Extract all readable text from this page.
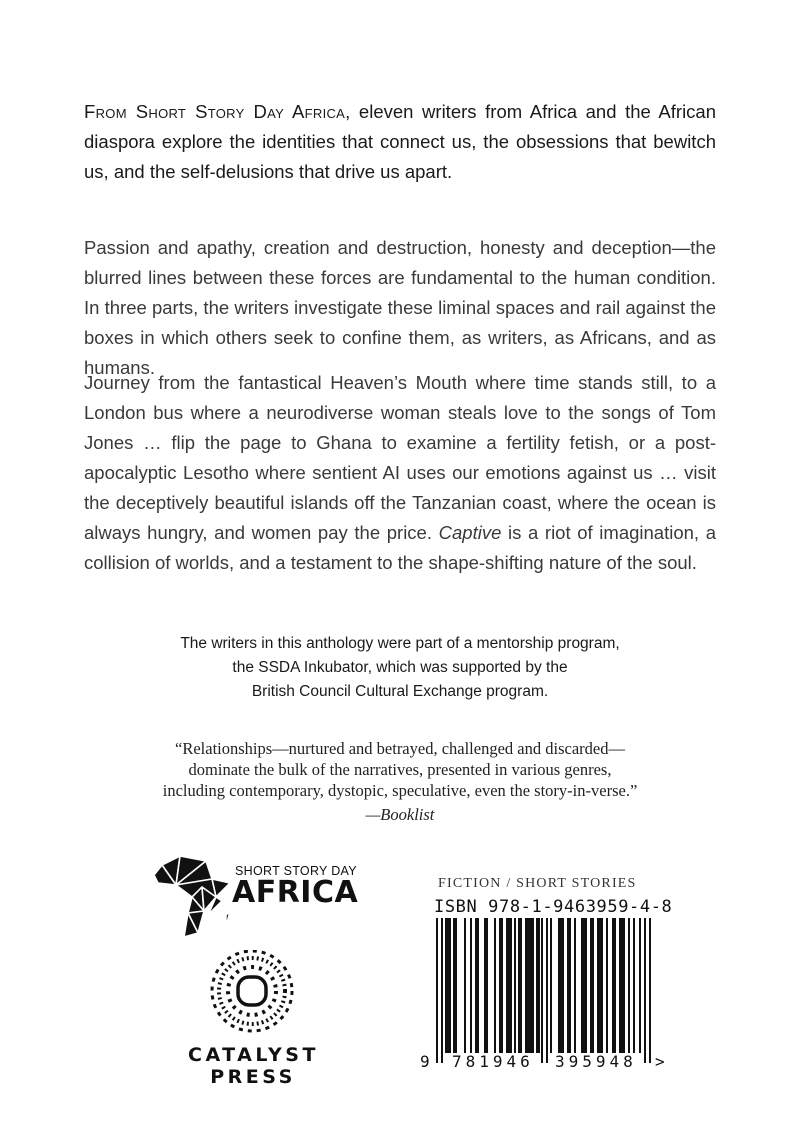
From Short Story Day Africa, eleven writers from Africa and the African diaspora explore the identities that connect us, the obsessions that bewitch us, and the self-delusions that drive us apart.
Passion and apathy, creation and destruction, honesty and deception—the blurred lines between these forces are fundamental to the human condition. In three parts, the writers investigate these liminal spaces and rail against the boxes in which others seek to confine them, as writers, as Africans, and as humans.
Journey from the fantastical Heaven’s Mouth where time stands still, to a London bus where a neurodiverse woman steals love to the songs of Tom Jones … flip the page to Ghana to examine a fertility fetish, or a post-apocalyptic Lesotho where sentient AI uses our emotions against us … visit the deceptively beautiful islands off the Tanzanian coast, where the ocean is always hungry, and women pay the price. Captive is a riot of imagination, a collision of worlds, and a testament to the shape-shifting nature of the soul.
The writers in this anthology were part of a mentorship program,
the SSDA Inkubator, which was supported by the
British Council Cultural Exchange program.
“Relationships—nurtured and betrayed, challenged and discarded—
dominate the bulk of the narratives, presented in various genres,
including contemporary, dystopic, speculative, even the story-in-verse.”
—Booklist
SHORT STORY DAY
AFRICA
CATALYST
PRESS
FICTION / SHORT STORIES
ISBN 978-1-9463959-4-8
9 781946 395948 >
